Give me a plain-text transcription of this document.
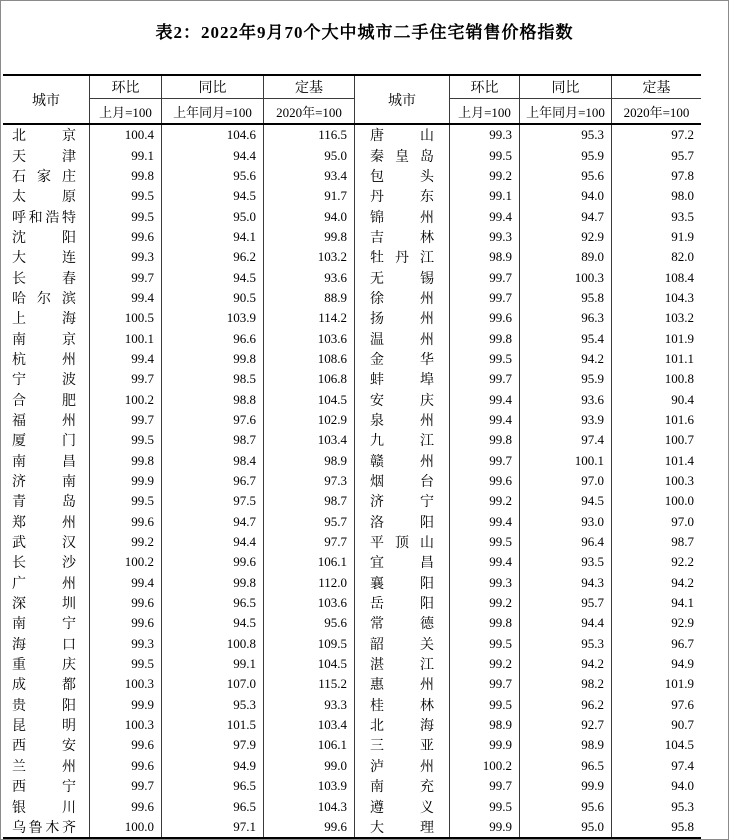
表2：2022年9月70个大中城市二手住宅销售价格指数
城市
环比	同比	定基
城市
环比	同比	定基
上月=100	上年同月=100	2020年=100	上月=100	上年同月=100	2020年=100
北	京	100.4	104.6	116.5	唐	山	99.3	95.3	97.2
天	津	99.1	94.4	95.0	秦 皇 岛	99.5	95.9	95.7
石 家 庄	99.8	95.6	93.4	包	头	99.2	95.6	97.8
太	原	99.5	94.5	91.7	丹	东	99.1	94.0	98.0
呼 和 浩 特	99.5	95.0	94.0	锦	州	99.4	94.7	93.5
沈	阳	99.6	94.1	99.8	吉	林	99.3	92.9	91.9
大	连	99.3	96.2	103.2	牡 丹 江	98.9	89.0	82.0
长	春	99.7	94.5	93.6	无	锡	99.7	100.3	108.4
哈 尔 滨	99.4	90.5	88.9	徐	州	99.7	95.8	104.3
上	海	100.5	103.9	114.2	扬	州	99.6	96.3	103.2
南	京	100.1	96.6	103.6	温	州	99.8	95.4	101.9
杭	州	99.4	99.8	108.6	金	华	99.5	94.2	101.1
宁	波	99.7	98.5	106.8	蚌	埠	99.7	95.9	100.8
合	肥	100.2	98.8	104.5	安	庆	99.4	93.6	90.4
福	州	99.7	97.6	102.9	泉	州	99.4	93.9	101.6
厦	门	99.5	98.7	103.4	九	江	99.8	97.4	100.7
南	昌	99.8	98.4	98.9	赣	州	99.7	100.1	101.4
济	南	99.9	96.7	97.3	烟	台	99.6	97.0	100.3
青	岛	99.5	97.5	98.7	济	宁	99.2	94.5	100.0
郑	州	99.6	94.7	95.7	洛	阳	99.4	93.0	97.0
武	汉	99.2	94.4	97.7	平 顶 山	99.5	96.4	98.7
长	沙	100.2	99.6	106.1	宜	昌	99.4	93.5	92.2
广	州	99.4	99.8	112.0	襄	阳	99.3	94.3	94.2
深	圳	99.6	96.5	103.6	岳	阳	99.2	95.7	94.1
南	宁	99.6	94.5	95.6	常	德	99.8	94.4	92.9
海	口	99.3	100.8	109.5	韶	关	99.5	95.3	96.7
重	庆	99.5	99.1	104.5	湛	江	99.2	94.2	94.9
成	都	100.3	107.0	115.2	惠	州	99.7	98.2	101.9
贵	阳	99.9	95.3	93.3	桂	林	99.5	96.2	97.6
昆	明	100.3	101.5	103.4	北	海	98.9	92.7	90.7
西	安	99.6	97.9	106.1	三	亚	99.9	98.9	104.5
兰	州	99.6	94.9	99.0	泸	州	100.2	96.5	97.4
西	宁	99.7	96.5	103.9	南	充	99.7	99.9	94.0
银	川	99.6	96.5	104.3	遵	义	99.5	95.6	95.3
乌 鲁 木 齐	100.0	97.1	99.6	大	理	99.9	95.0	95.8
